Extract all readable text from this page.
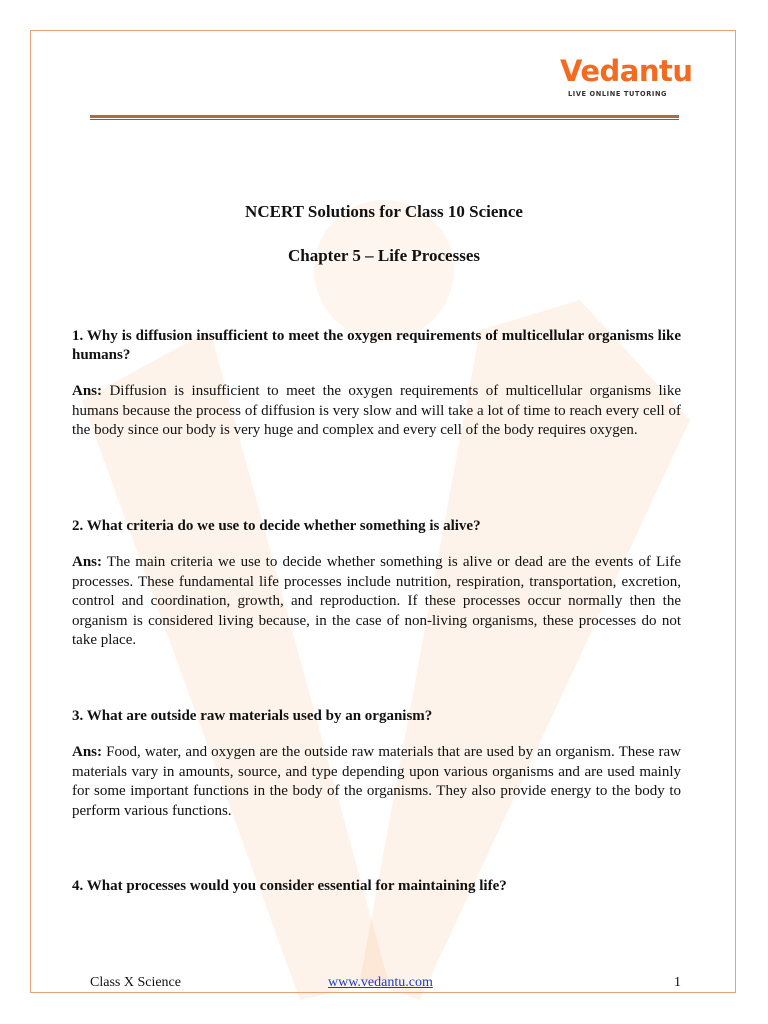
Vedantu
LIVE ONLINE TUTORING
NCERT Solutions for Class 10 Science
Chapter 5 – Life Processes

1. Why is diffusion insufficient to meet the oxygen requirements of multicellular organisms like humans?

Ans: Diffusion is insufficient to meet the oxygen requirements of multicellular organisms like humans because the process of diffusion is very slow and will take a lot of time to reach every cell of the body since our body is very huge and complex and every cell of the body requires oxygen.

2. What criteria do we use to decide whether something is alive?

Ans: The main criteria we use to decide whether something is alive or dead are the events of Life processes. These fundamental life processes include nutrition, respiration, transportation, excretion, control and coordination, growth, and reproduction. If these processes occur normally then the organism is considered living because, in the case of non-living organisms, these processes do not take place.

3. What are outside raw materials used by an organism?

Ans: Food, water, and oxygen are the outside raw materials that are used by an organism. These raw materials vary in amounts, source, and type depending upon various organisms and are used mainly for some important functions in the body of the organisms. They also provide energy to the body to perform various functions.

4. What processes would you consider essential for maintaining life?

Class X Science	www.vedantu.com	1
